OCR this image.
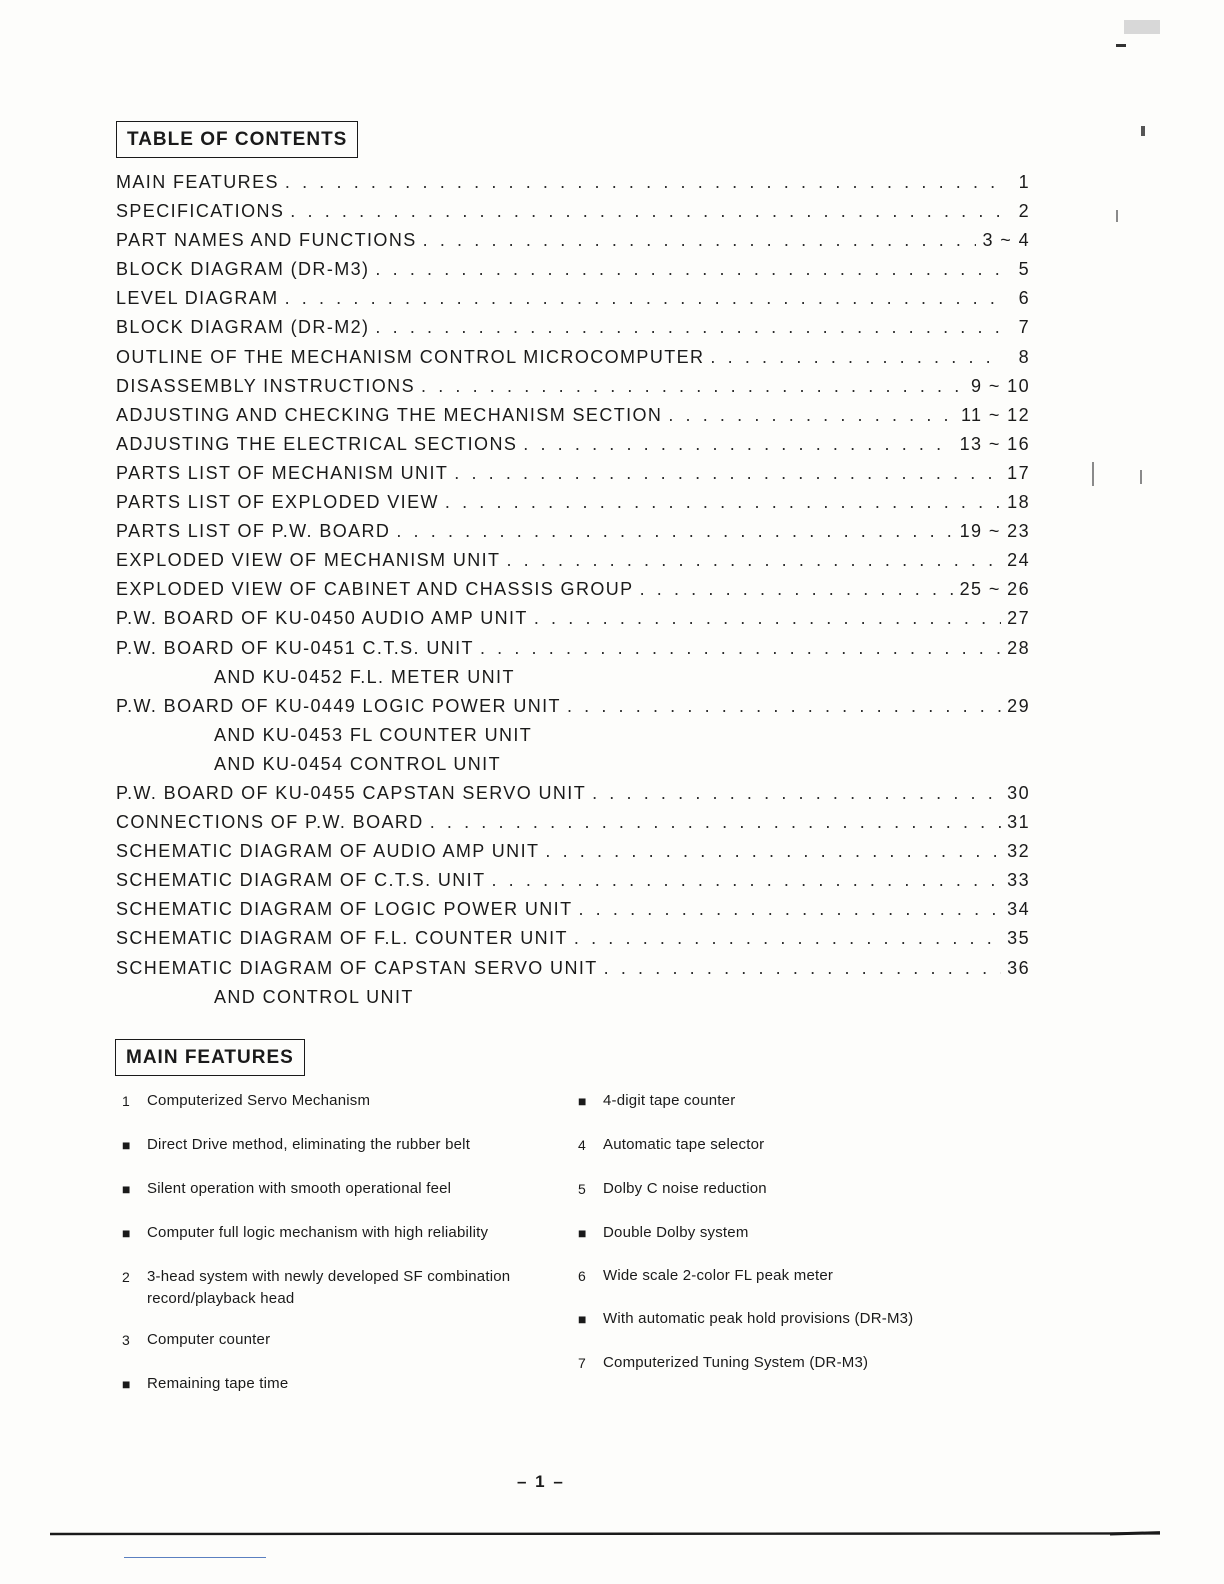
TABLE OF CONTENTS
MAIN FEATURES . . .	1
SPECIFICATIONS . . .	2
PART NAMES AND FUNCTIONS . . .	3 ~ 4
BLOCK DIAGRAM (DR-M3) . . .	5
LEVEL DIAGRAM . . .	6
BLOCK DIAGRAM (DR-M2) . . .	7
OUTLINE OF THE MECHANISM CONTROL MICROCOMPUTER . . .	8
DISASSEMBLY INSTRUCTIONS . . .	9 ~ 10
ADJUSTING AND CHECKING THE MECHANISM SECTION . . .	11 ~ 12
ADJUSTING THE ELECTRICAL SECTIONS . . .	13 ~ 16
PARTS LIST OF MECHANISM UNIT . . .	17
PARTS LIST OF EXPLODED VIEW . . .	18
PARTS LIST OF P.W. BOARD . . .	19 ~ 23
EXPLODED VIEW OF MECHANISM UNIT . . .	24
EXPLODED VIEW OF CABINET AND CHASSIS GROUP . . .	25 ~ 26
P.W. BOARD OF KU-0450 AUDIO AMP UNIT . . .	27
P.W. BOARD OF KU-0451 C.T.S. UNIT . . .	28
AND KU-0452 F.L. METER UNIT
P.W. BOARD OF KU-0449 LOGIC POWER UNIT . . .	29
AND KU-0453 FL COUNTER UNIT
AND KU-0454 CONTROL UNIT
P.W. BOARD OF KU-0455 CAPSTAN SERVO UNIT . . .	30
CONNECTIONS OF P.W. BOARD . . .	31
SCHEMATIC DIAGRAM OF AUDIO AMP UNIT . . .	32
SCHEMATIC DIAGRAM OF C.T.S. UNIT . . .	33
SCHEMATIC DIAGRAM OF LOGIC POWER UNIT . . .	34
SCHEMATIC DIAGRAM OF F.L. COUNTER UNIT . . .	35
SCHEMATIC DIAGRAM OF CAPSTAN SERVO UNIT . . .	36
AND CONTROL UNIT
MAIN FEATURES
1	Computerized Servo Mechanism
■	Direct Drive method, eliminating the rubber belt
■	Silent operation with smooth operational feel
■	Computer full logic mechanism with high reliability
2	3-head system with newly developed SF combination record/playback head
3	Computer counter
■	Remaining tape time
■	4-digit tape counter
4	Automatic tape selector
5	Dolby C noise reduction
■	Double Dolby system
6	Wide scale 2-color FL peak meter
■	With automatic peak hold provisions (DR-M3)
7	Computerized Tuning System (DR-M3)
– 1 –
